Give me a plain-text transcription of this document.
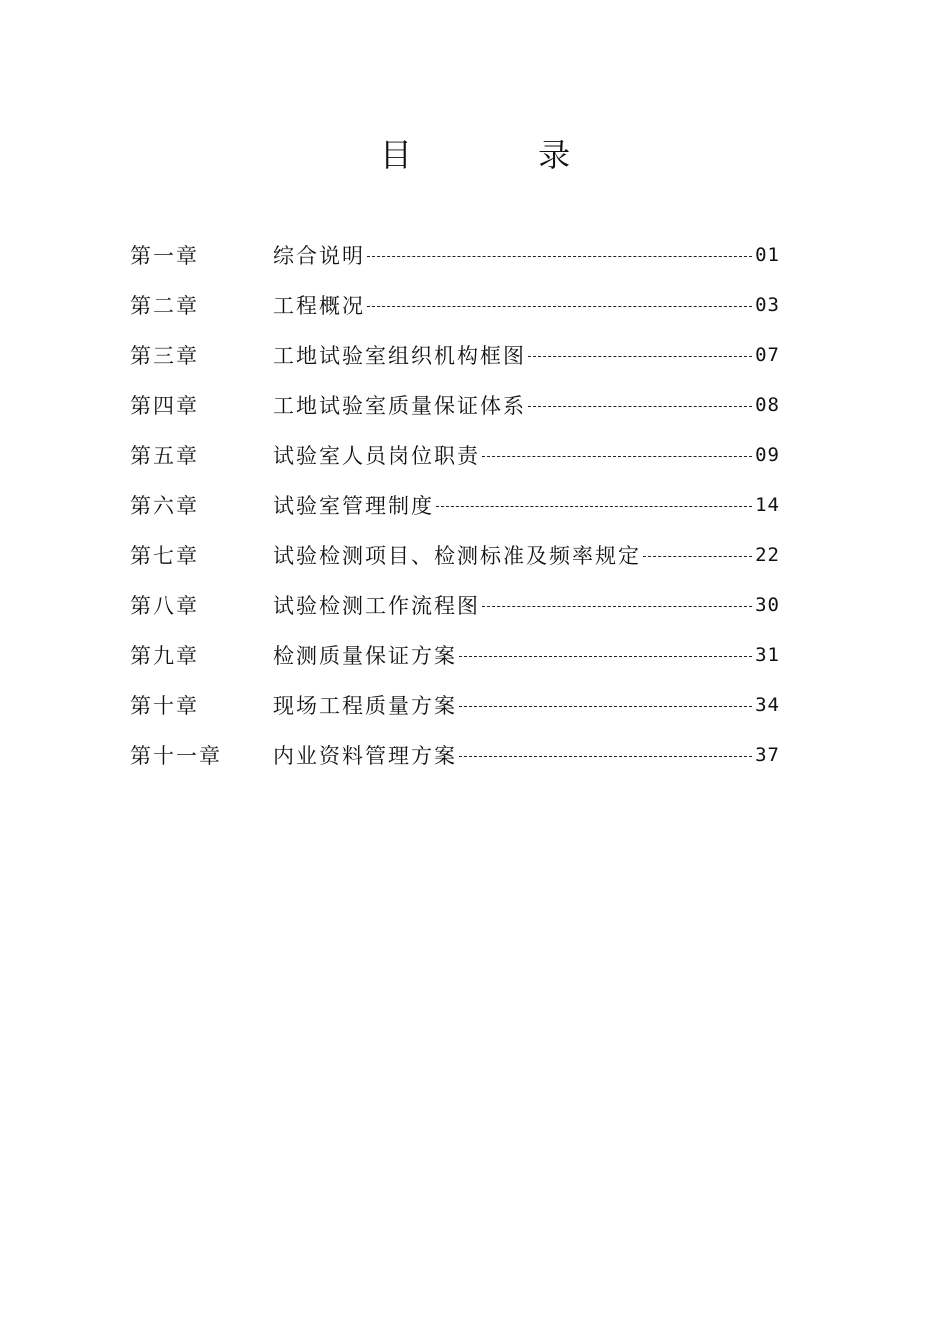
目 录
第一章	综合说明	01
第二章	工程概况	03
第三章	工地试验室组织机构框图	07
第四章	工地试验室质量保证体系	08
第五章	试验室人员岗位职责	09
第六章	试验室管理制度	14
第七章	试验检测项目、检测标准及频率规定	22
第八章	试验检测工作流程图	30
第九章	检测质量保证方案	31
第十章	现场工程质量方案	34
第十一章	内业资料管理方案	37
